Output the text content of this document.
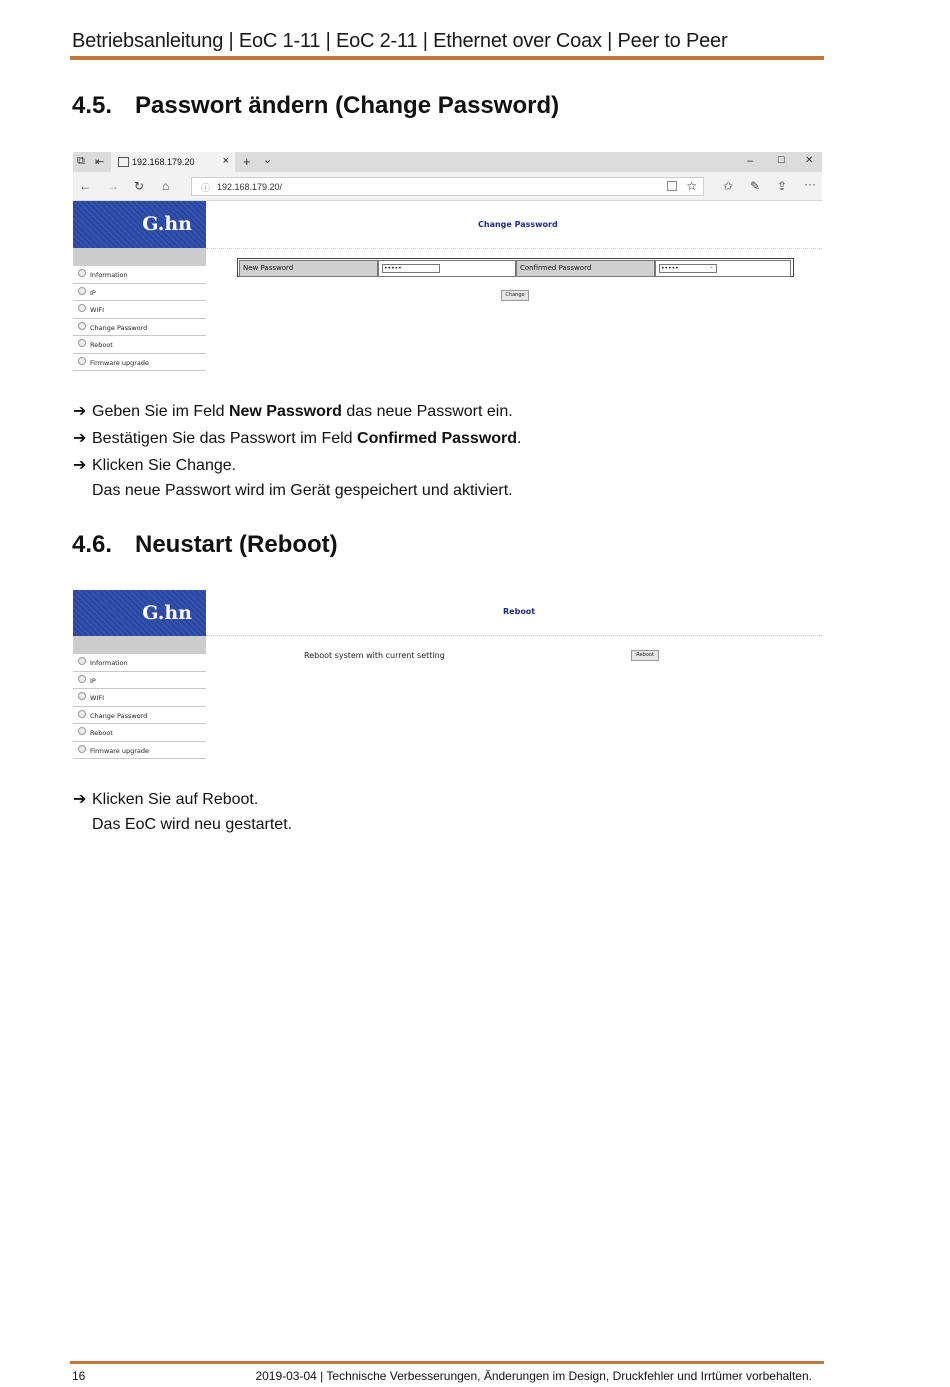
Betriebsanleitung | EoC 1-11 | EoC 2-11 | Ethernet over Coax | Peer to Peer
4.5. Passwort ändern (Change Password)
⧉ ⇤	192.168.179.20	× + ⌄	–	☐ ✕
← → ↻ ⌂	ⓘ 192.168.179.20/	☆ ✩ ✎ ⇪ ···
G.hn
Information
IP
WIFI
Change Password
Reboot
Firmware upgrade
Change Password
New Password	•••••	Confirmed Password	•••••	⌄
Change
➔ Geben Sie im Feld New Password das neue Passwort ein.
➔ Bestätigen Sie das Passwort im Feld Confirmed Password.
➔ Klicken Sie Change.
Das neue Passwort wird im Gerät gespeichert und aktiviert.
4.6. Neustart (Reboot)
G.hn
Information
IP
WIFI
Change Password
Reboot
Firmware upgrade
Reboot
Reboot system with current setting	Reboot
➔ Klicken Sie auf Reboot.
Das EoC wird neu gestartet.
16	2019-03-04 | Technische Verbesserungen, Änderungen im Design, Druckfehler und Irrtümer vorbehalten.
